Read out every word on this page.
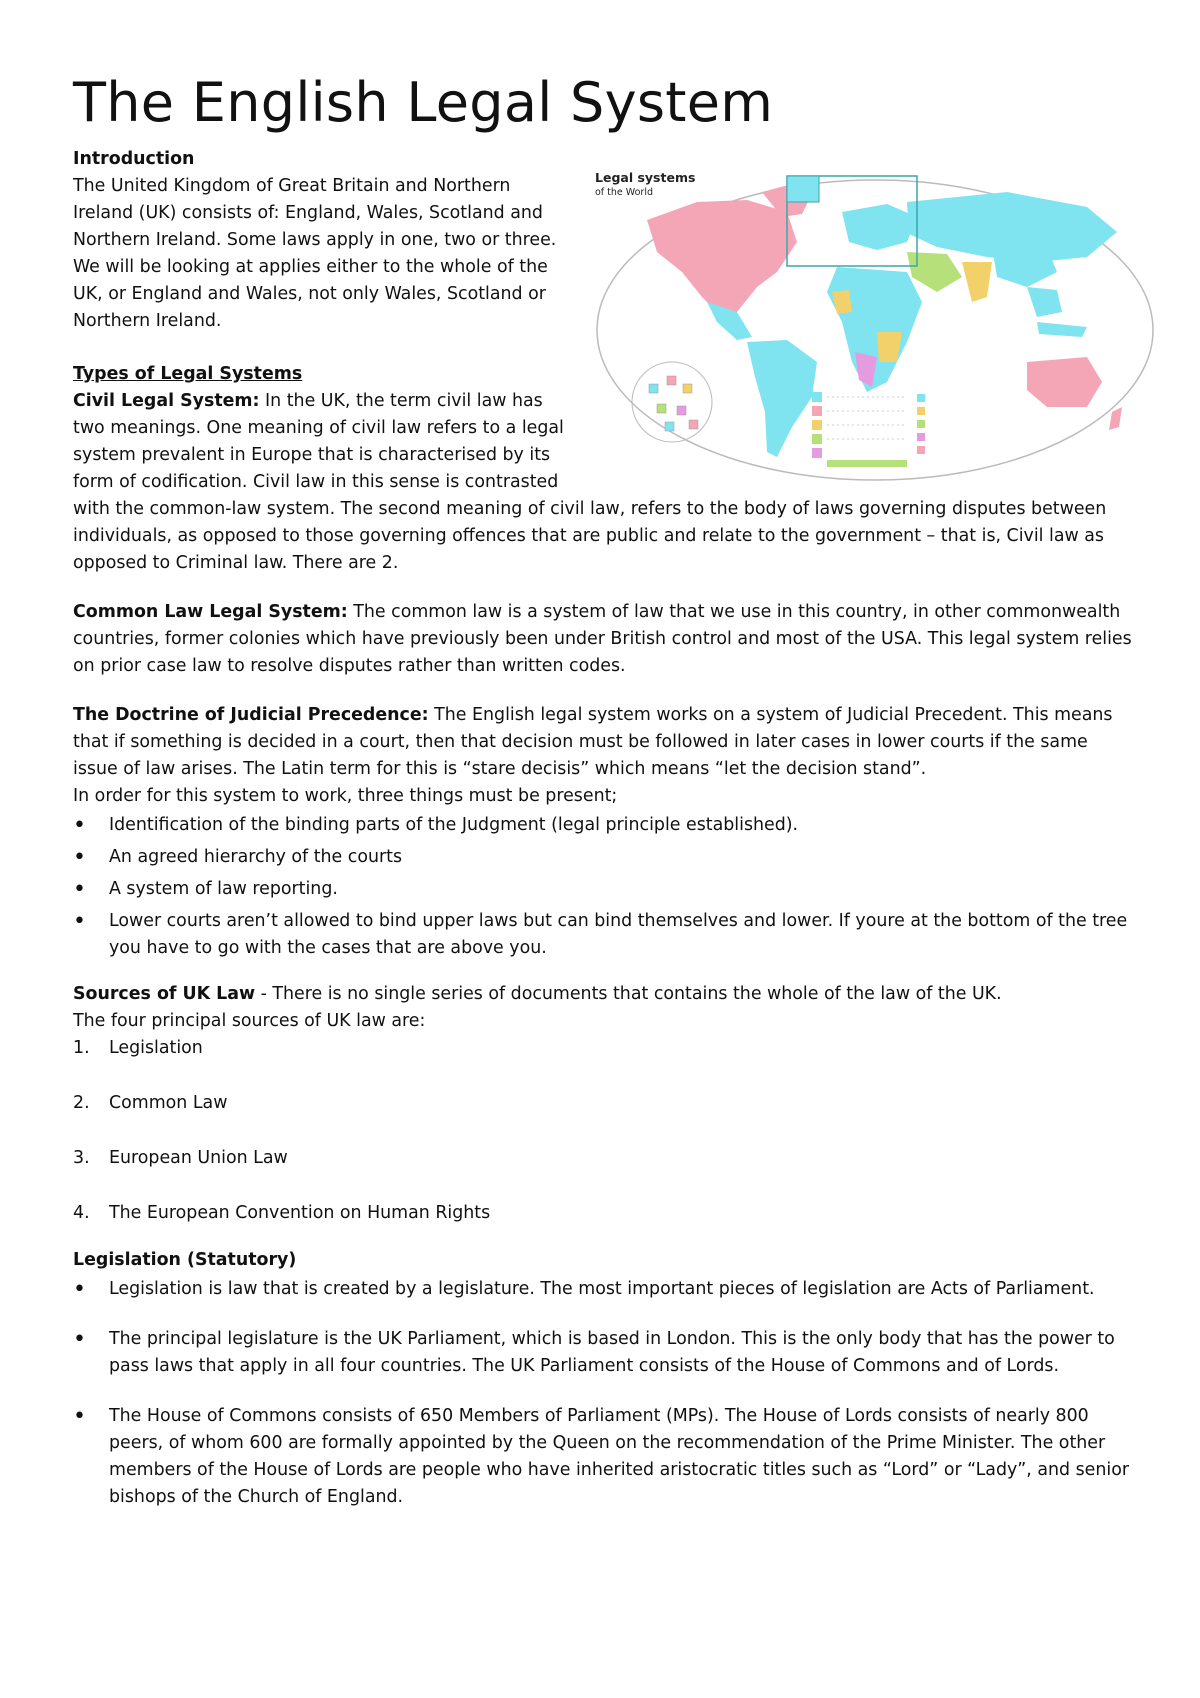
The English Legal System
Legal systems
of the World

Introduction

The United Kingdom of Great Britain and Northern Ireland (UK) consists of: England, Wales, Scotland and Northern Ireland. Some laws apply in one, two or three. We will be looking at applies either to the whole of the UK, or England and Wales, not only Wales, Scotland or Northern Ireland.

Types of Legal Systems

Civil Legal System: In the UK, the term civil law has two meanings. One meaning of civil law refers to a legal system prevalent in Europe that is characterised by its form of codification. Civil law in this sense is contrasted with the common-law system. The second meaning of civil law, refers to the body of laws governing disputes between individuals, as opposed to those governing offences that are public and relate to the government – that is, Civil law as opposed to Criminal law. There are 2.

Common Law Legal System: The common law is a system of law that we use in this country, in other commonwealth countries, former colonies which have previously been under British control and most of the USA. This legal system relies on prior case law to resolve disputes rather than written codes.

The Doctrine of Judicial Precedence: The English legal system works on a system of Judicial Precedent. This means that if something is decided in a court, then that decision must be followed in later cases in lower courts if the same issue of law arises. The Latin term for this is “stare decisis” which means “let the decision stand”.

In order for this system to work, three things must be present;

• Identification of the binding parts of the Judgment (legal principle established).
• An agreed hierarchy of the courts
• A system of law reporting.
• Lower courts aren’t allowed to bind upper laws but can bind themselves and lower. If youre at the bottom of the tree you have to go with the cases that are above you.

Sources of UK Law - There is no single series of documents that contains the whole of the law of the UK.

The four principal sources of UK law are:

1. Legislation
2. Common Law
3. European Union Law
4. The European Convention on Human Rights

Legislation (Statutory)

• Legislation is law that is created by a legislature. The most important pieces of legislation are Acts of Parliament.
• The principal legislature is the UK Parliament, which is based in London. This is the only body that has the power to pass laws that apply in all four countries. The UK Parliament consists of the House of Commons and of Lords.
• The House of Commons consists of 650 Members of Parliament (MPs). The House of Lords consists of nearly 800 peers, of whom 600 are formally appointed by the Queen on the recommendation of the Prime Minister. The other members of the House of Lords are people who have inherited aristocratic titles such as “Lord” or “Lady”, and senior bishops of the Church of England.
